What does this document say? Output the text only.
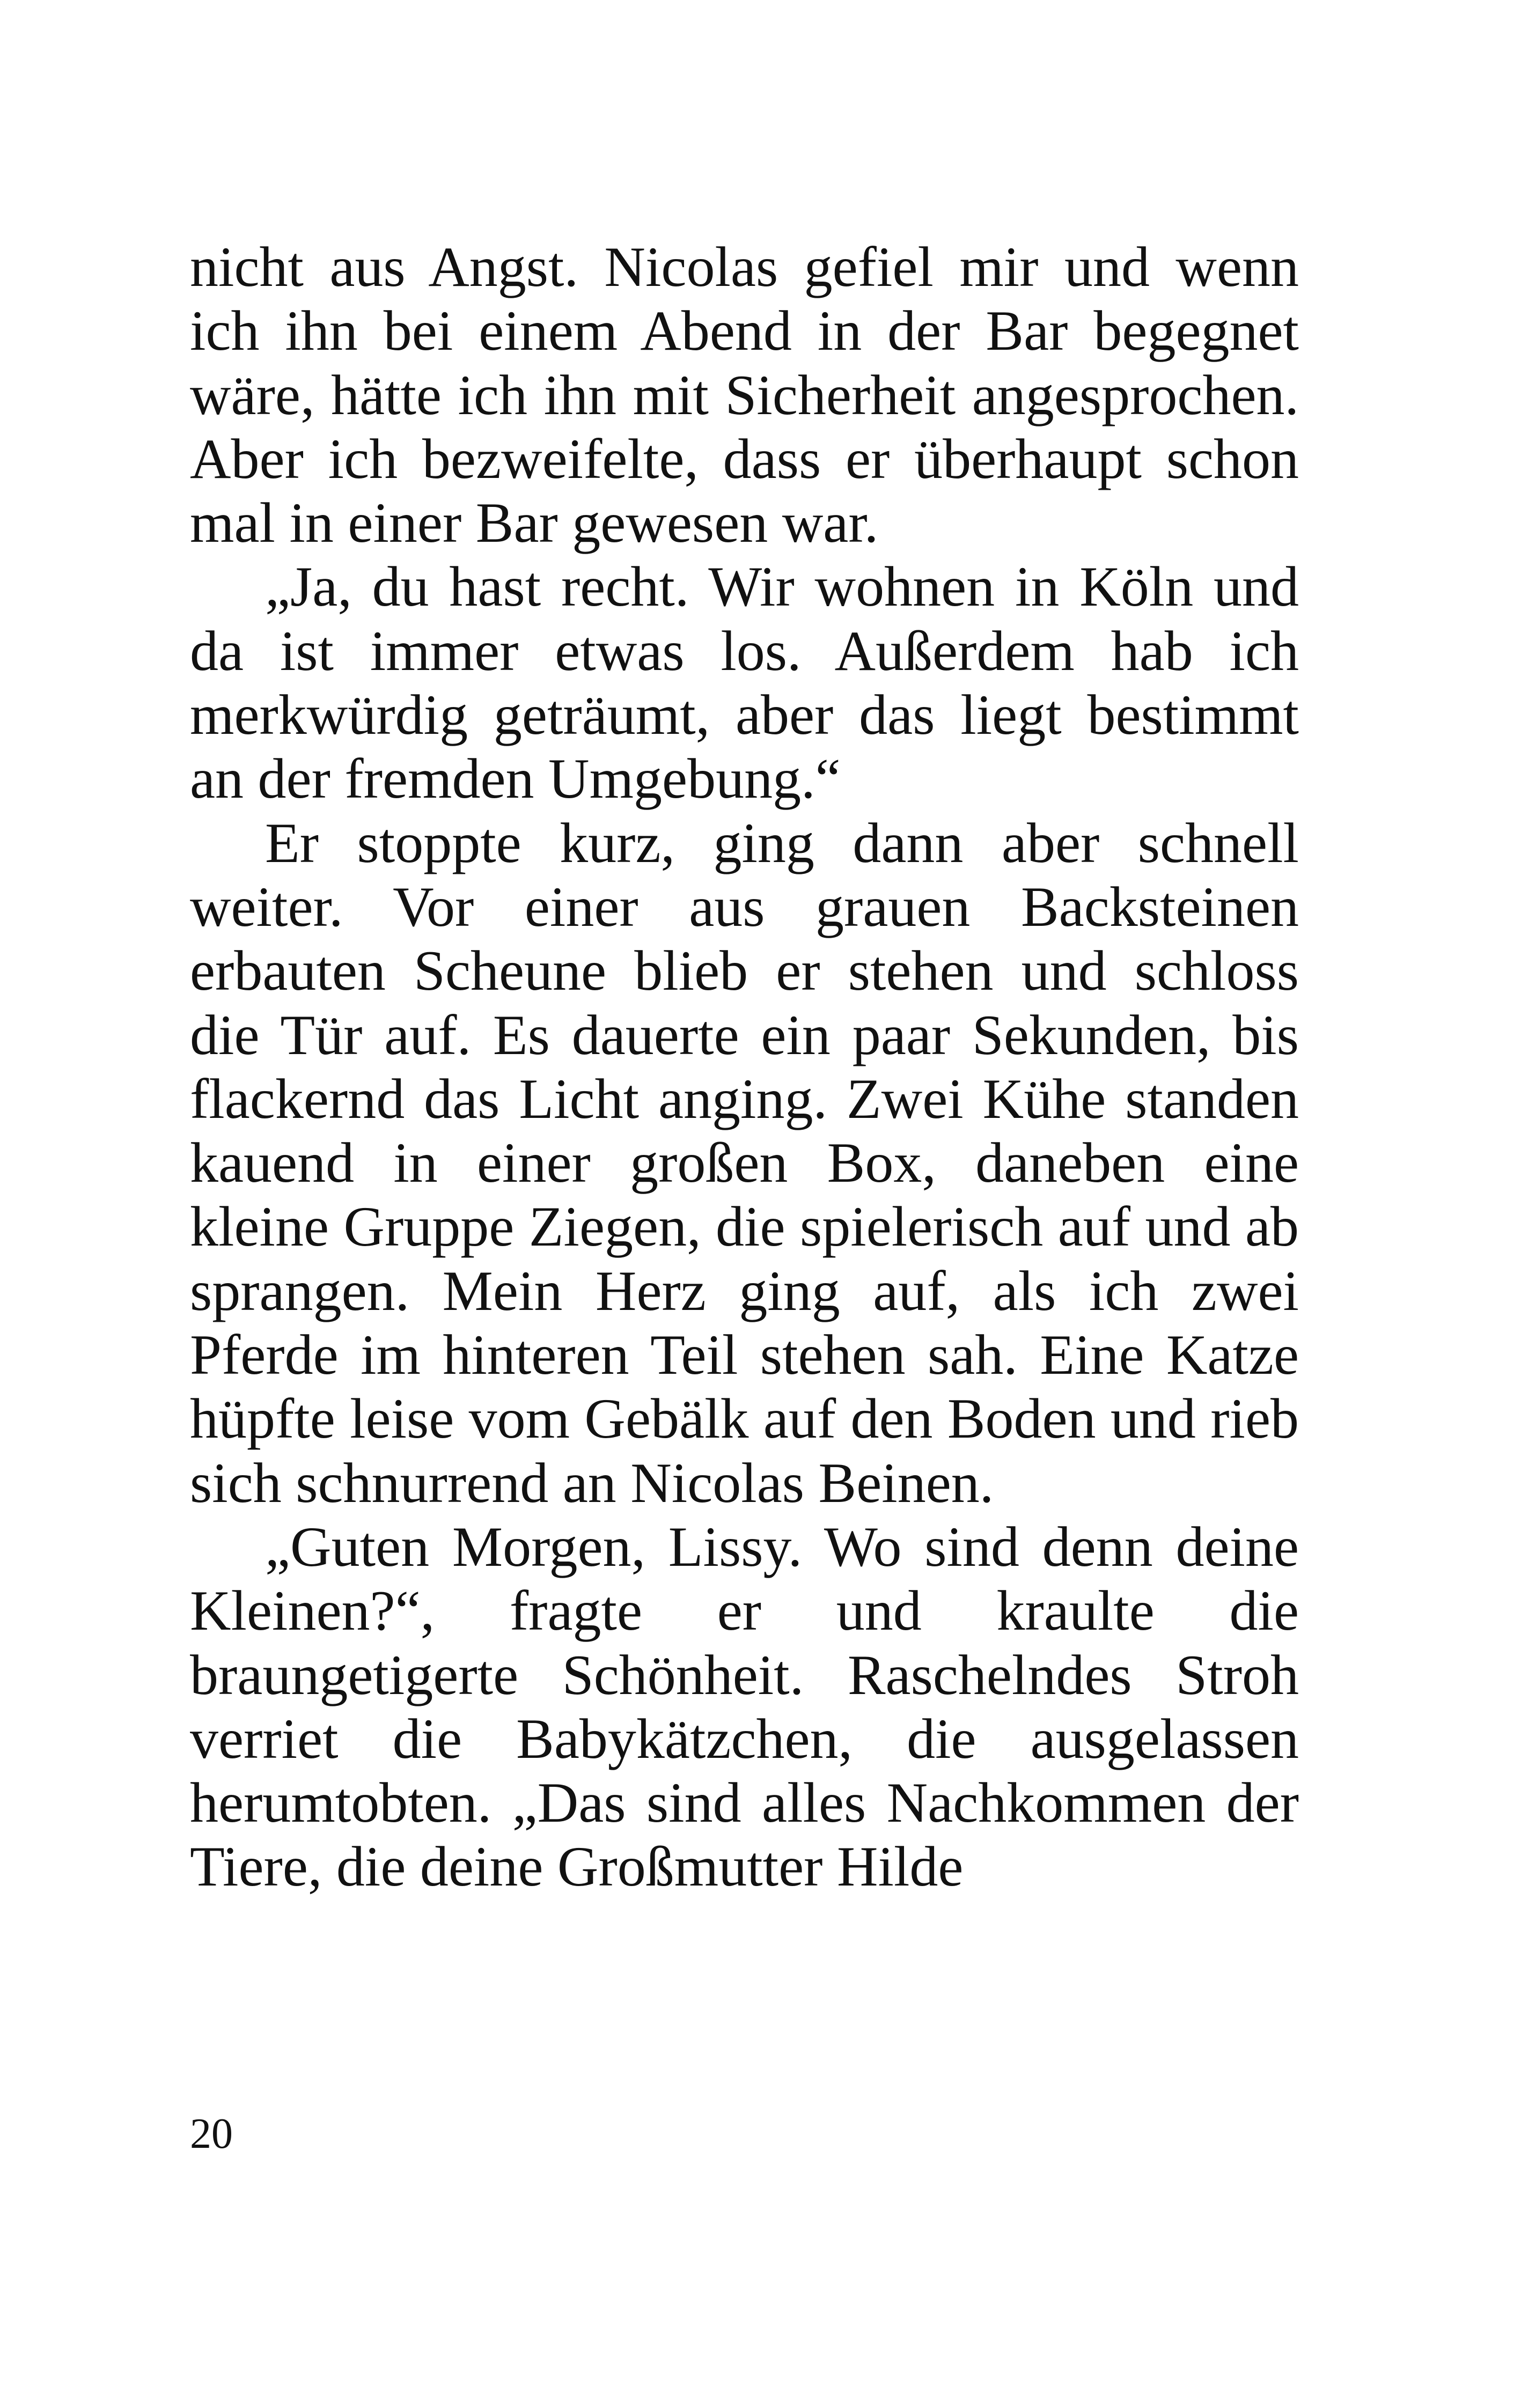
nicht aus Angst. Nicolas gefiel mir und wenn ich ihn bei einem Abend in der Bar begegnet wäre, hätte ich ihn mit Sicherheit angesprochen. Aber ich bezweifelte, dass er überhaupt schon mal in einer Bar gewesen war.

„Ja, du hast recht. Wir wohnen in Köln und da ist immer etwas los. Außerdem hab ich merkwürdig geträumt, aber das liegt bestimmt an der fremden Umgebung.“

Er stoppte kurz, ging dann aber schnell weiter. Vor einer aus grauen Backsteinen erbauten Scheune blieb er stehen und schloss die Tür auf. Es dauerte ein paar Sekunden, bis flackernd das Licht anging. Zwei Kühe standen kauend in einer großen Box, daneben eine kleine Gruppe Ziegen, die spielerisch auf und ab sprangen. Mein Herz ging auf, als ich zwei Pferde im hinteren Teil stehen sah. Eine Katze hüpfte leise vom Gebälk auf den Boden und rieb sich schnurrend an Nicolas Beinen.

„Guten Morgen, Lissy. Wo sind denn deine Kleinen?“, fragte er und kraulte die braungetigerte Schönheit. Raschelndes Stroh verriet die Babykätzchen, die ausgelassen herumtobten. „Das sind alles Nachkommen der Tiere, die deine Großmutter Hilde

20
